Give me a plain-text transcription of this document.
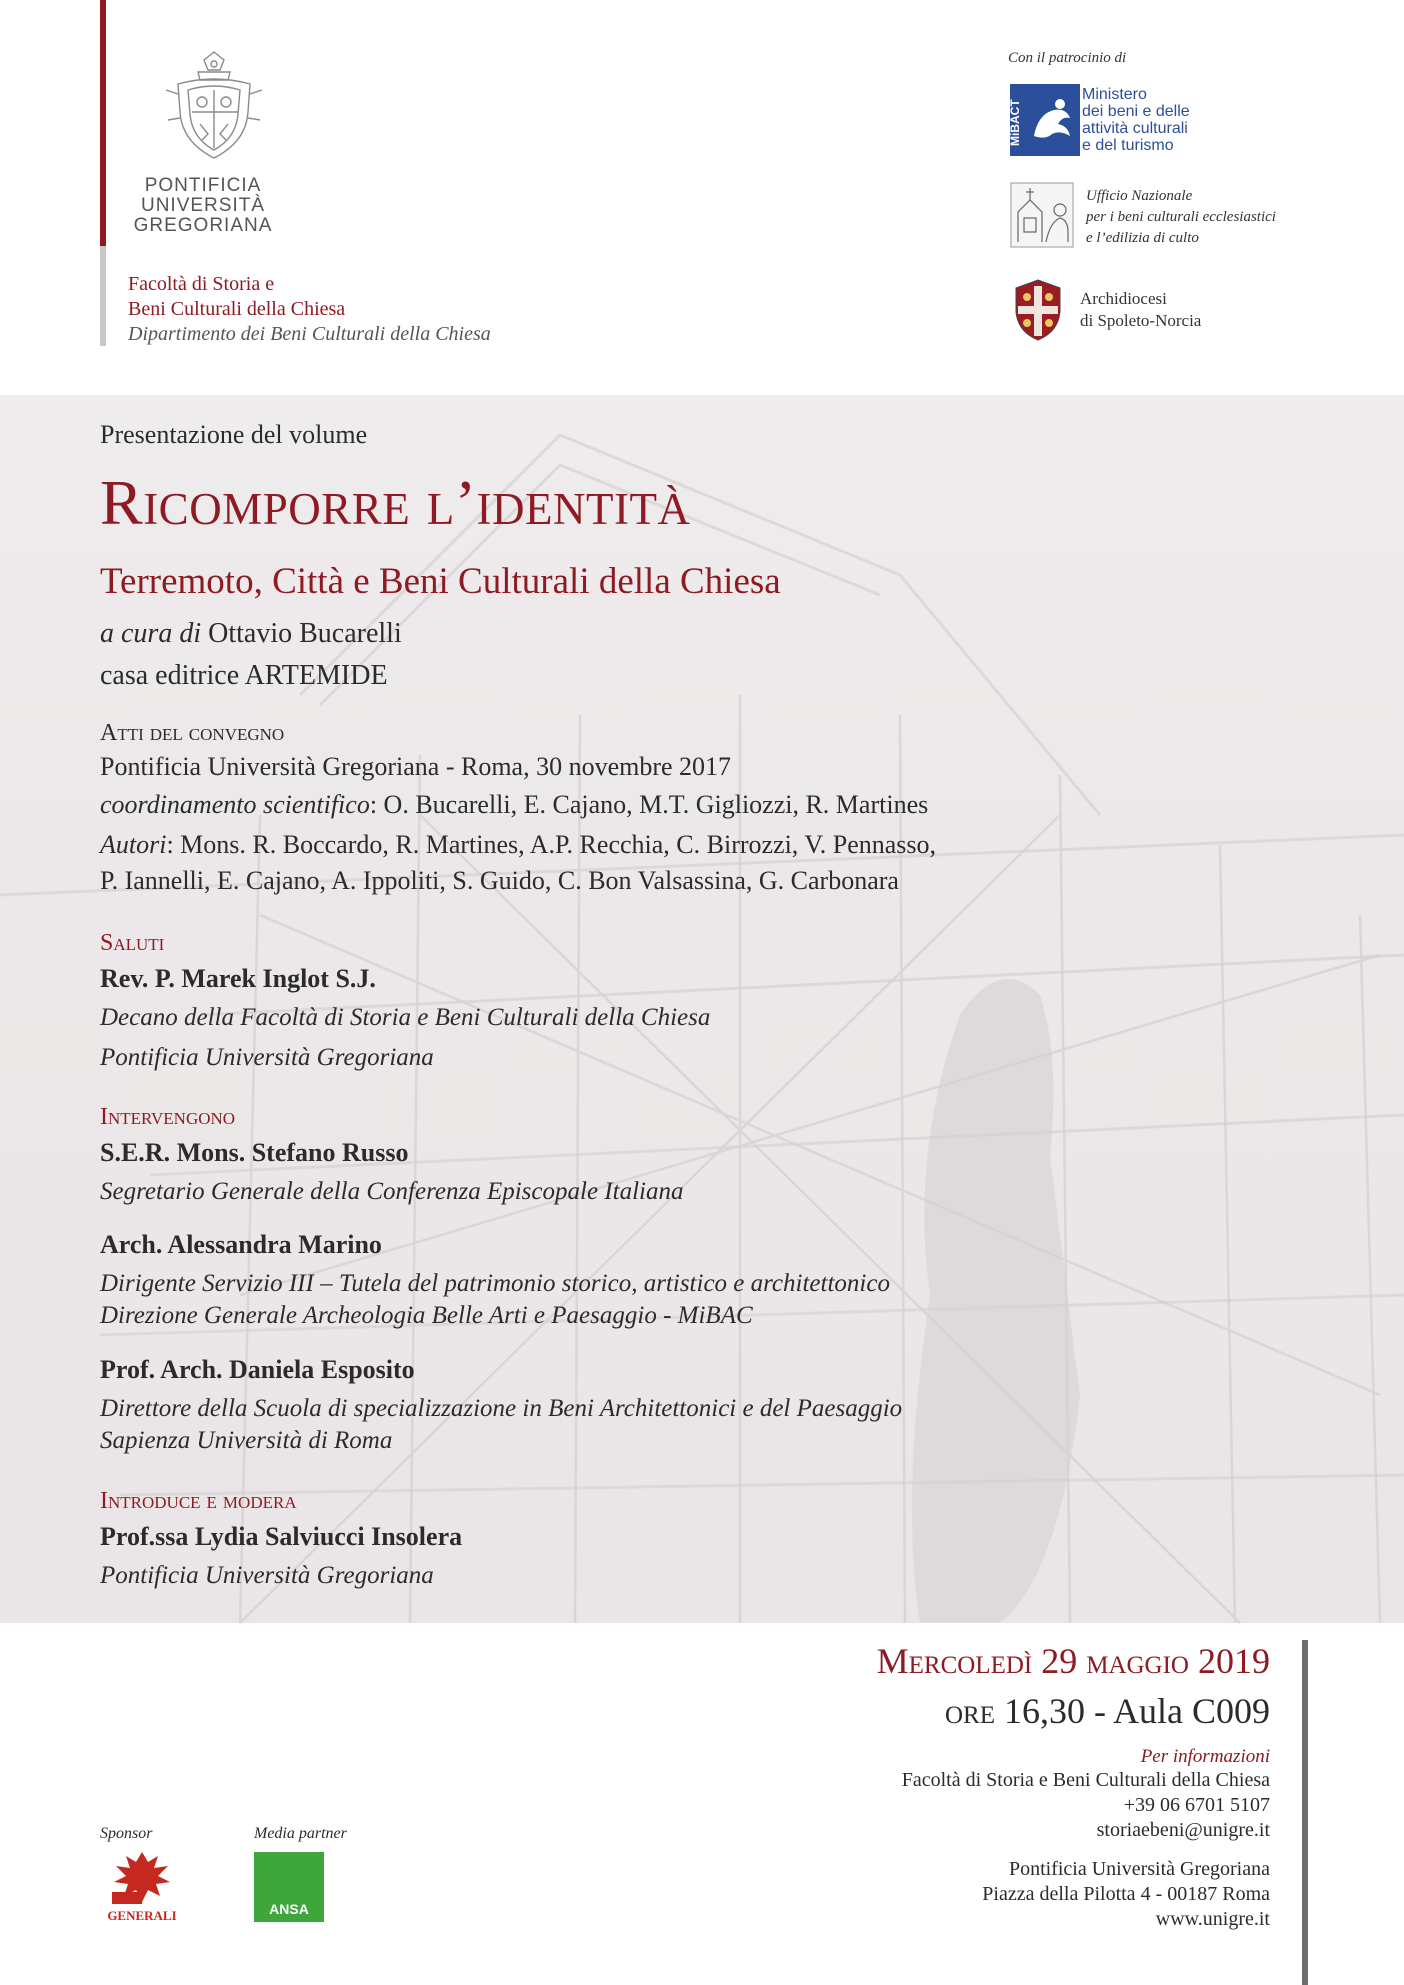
PONTIFICIA
UNIVERSITÀ
GREGORIANA
Facoltà di Storia e
Beni Culturali della Chiesa
Dipartimento dei Beni Culturali della Chiesa
Con il patrocinio di
MiBACT
Ministero
dei beni e delle
attività culturali
e del turismo
Ufficio Nazionale
per i beni culturali ecclesiastici
e l’edilizia di culto
Archidiocesi
di Spoleto-Norcia
Presentazione del volume
Ricomporre l’identità
Terremoto, Città e Beni Culturali della Chiesa
a cura di Ottavio Bucarelli
casa editrice ARTEMIDE
Atti del convegno
Pontificia Università Gregoriana - Roma, 30 novembre 2017
coordinamento scientifico: O. Bucarelli, E. Cajano, M.T. Gigliozzi, R. Martines
Autori: Mons. R. Boccardo, R. Martines, A.P. Recchia, C. Birrozzi, V. Pennasso,
P. Iannelli, E. Cajano, A. Ippoliti, S. Guido, C. Bon Valsassina, G. Carbonara
Saluti
Rev. P. Marek Inglot S.J.
Decano della Facoltà di Storia e Beni Culturali della Chiesa
Pontificia Università Gregoriana
Intervengono
S.E.R. Mons. Stefano Russo
Segretario Generale della Conferenza Episcopale Italiana
Arch. Alessandra Marino
Dirigente Servizio III – Tutela del patrimonio storico, artistico e architettonico
Direzione Generale Archeologia Belle Arti e Paesaggio - MiBAC
Prof. Arch. Daniela Esposito
Direttore della Scuola di specializzazione in Beni Architettonici e del Paesaggio
Sapienza Università di Roma
Introduce e modera
Prof.ssa Lydia Salviucci Insolera
Pontificia Università Gregoriana
Mercoledì 29 maggio 2019
ore 16,30 - Aula C009
Per informazioni
Facoltà di Storia e Beni Culturali della Chiesa
+39 06 6701 5107
storiaebeni@unigre.it
Pontificia Università Gregoriana
Piazza della Pilotta 4 - 00187 Roma
www.unigre.it
Sponsor	Media partner
GENERALI	ANSA
